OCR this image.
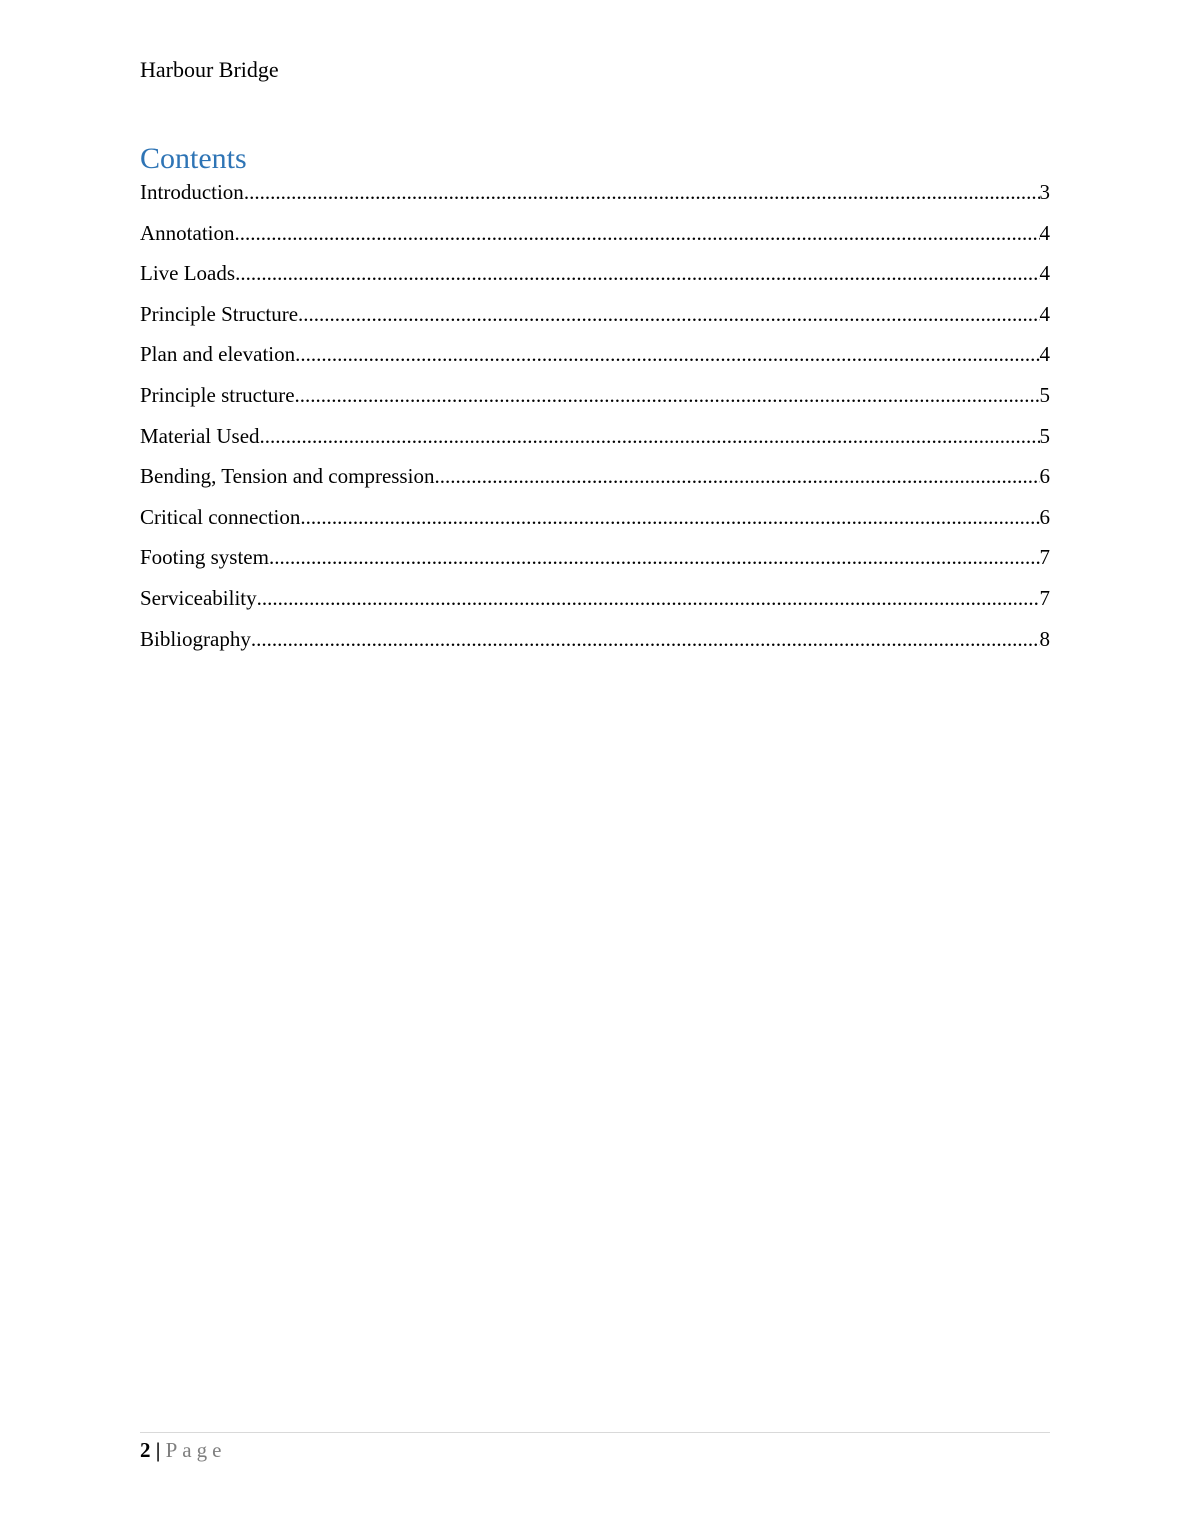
Harbour Bridge
Contents
Introduction .....	3
Annotation .....	4
Live Loads .....	4
Principle Structure .....	4
Plan and elevation .....	4
Principle structure .....	5
Material Used .....	5
Bending, Tension and compression .....	6
Critical connection .....	6
Footing system .....	7
Serviceability .....	7
Bibliography .....	8
2 | Page
